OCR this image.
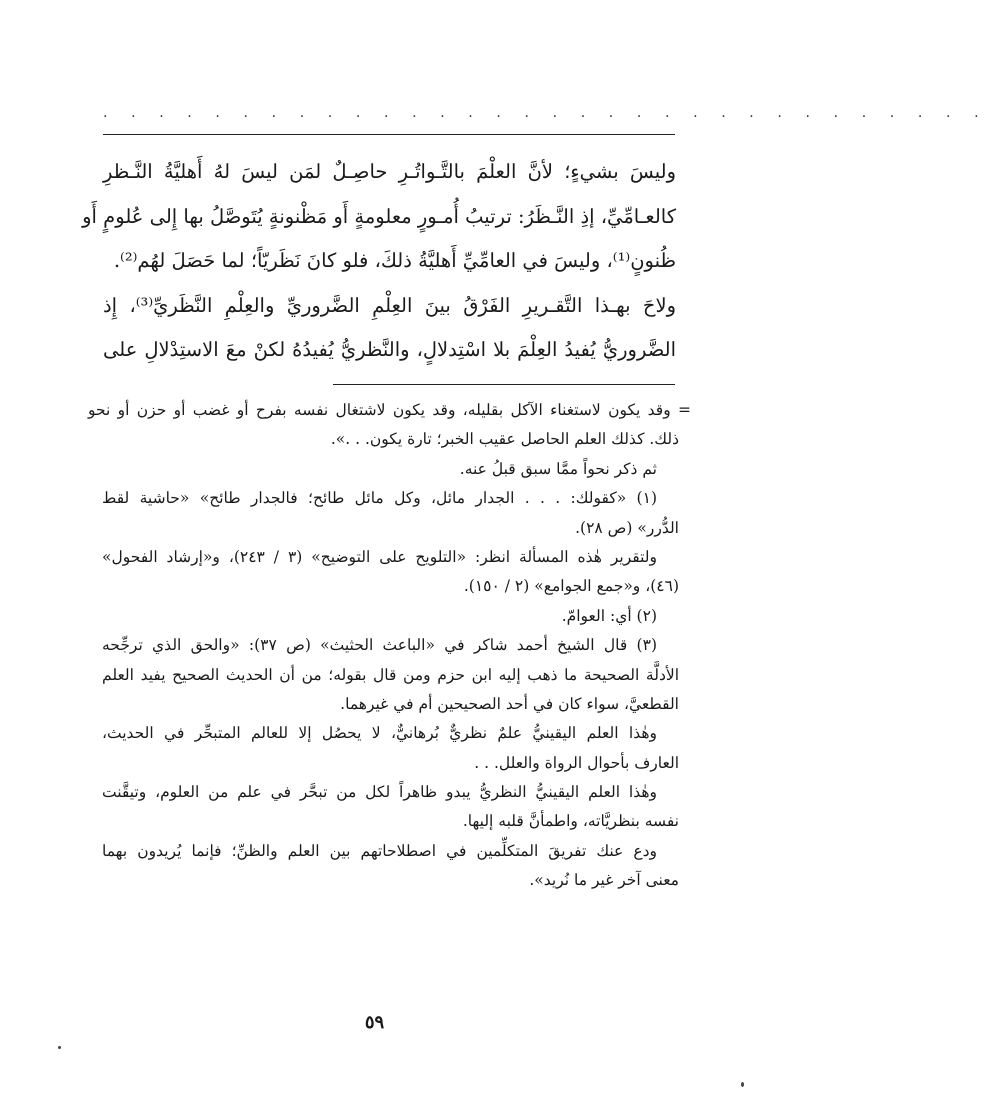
. . . . . . . . . . . . . . . . . . . . . . . . . . . . . . . .
وليسَ بشيءٍ؛ لأنَّ العلْمَ بالتَّـواتُـرِ حاصِـلٌ لمَن ليسَ لهُ أَهليَّةُ النَّـظرِ
كالعـامِّيِّ، إذِ النَّـظَرُ: ترتيبُ أُمـورٍ معلومةٍ أَو مَظْنونةٍ يُتَوصَّلُ بها إِلى عُلومٍ أَو
ظُنونٍ⁽¹⁾، وليسَ في العامِّيِّ أَهليَّةُ ذلكَ، فلو كانَ نَظَريّاً؛ لما حَصَلَ لهُم⁽²⁾.
ولاحَ بهـذا التَّقـريرِ الفَرْقُ بينَ العِلْمِ الضَّروريِّ والعِلْمِ النَّظَريِّ⁽³⁾، إِذ
الضَّروريُّ يُفيدُ العِلْمَ بلا اسْتِدلالٍ، والنَّظريُّ يُفيدُهُ لكنْ معَ الاستِدْلالِ على
= وقد يكون لاستغناء الآكل بقليله، وقد يكون لاشتغال نفسه بفرح أو غضب أو حزن أو نحو
ذلك. كذلك العلم الحاصل عقيب الخبر؛ تارة يكون. . .».
ثم ذكر نحواً ممَّا سبق قبلُ عنه.
(١) «كقولك: . . . الجدار مائل، وكل مائل طائح؛ فالجدار طائح» «حاشية لقط
الدُّرر» (ص ٢٨).
ولتقرير هٰذه المسألة انظر: «التلويح على التوضيح» (٣ / ٢٤٣)، و«إرشاد الفحول»
(٤٦)، و«جمع الجوامع» (٢ / ١٥٠).
(٢) أي: العوامّ.
(٣) قال الشيخ أحمد شاكر في «الباعث الحثيث» (ص ٣٧): «والحق الذي ترجِّحه
الأدلَّة الصحيحة ما ذهب إليه ابن حزم ومن قال بقوله؛ من أن الحديث الصحيح يفيد العلم
القطعيَّ، سواء كان في أحد الصحيحين أم في غيرهما.
وهٰذا العلم اليقينيُّ علمٌ نظريٌّ بُرهانيٌّ، لا يحصُل إلا للعالم المتبحِّر في الحديث،
العارف بأحوال الرواة والعلل. . .
وهٰذا العلم اليقينيُّ النظريُّ يبدو ظاهراً لكل من تبحَّر في علم من العلوم، وتيقَّنت
نفسه بنظريَّاته، واطمأنَّ قلبه إليها.
ودع عنك تفريقَ المتكلِّمين في اصطلاحاتهم بين العلم والظنِّ؛ فإنما يُريدون بهما
معنى آخر غير ما نُريد».
٥٩
